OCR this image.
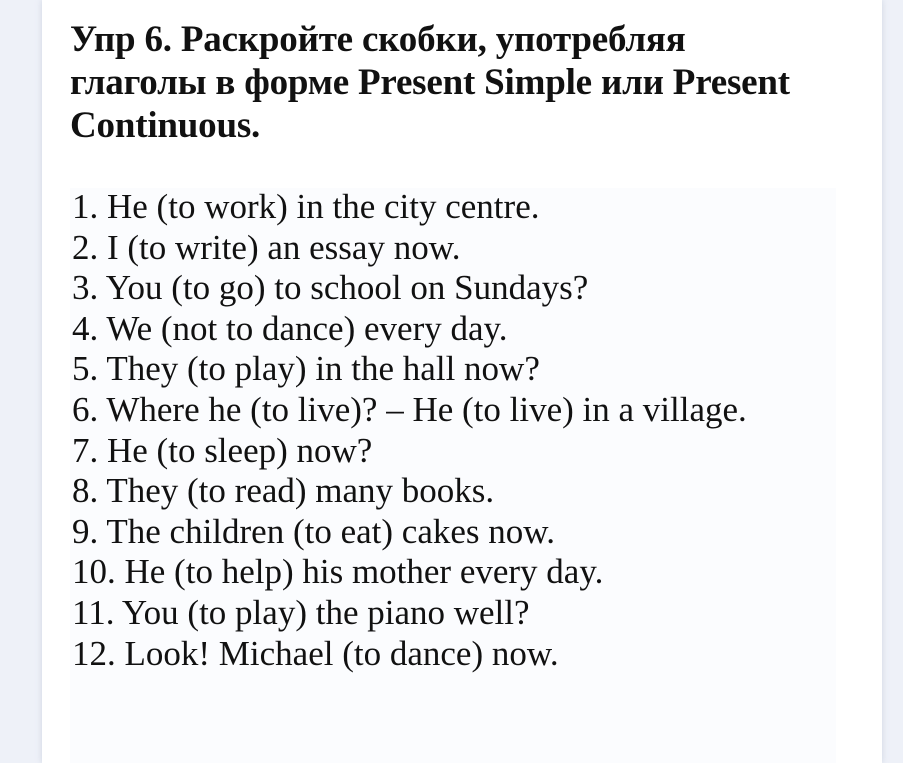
Упр 6. Раскройте скобки, употребляя глаголы в форме Present Simple или Present Continuous.
1. He (to work) in the city centre.
2. I (to write) an essay now.
3. You (to go) to school on Sundays?
4. We (not to dance) every day.
5. They (to play) in the hall now?
6. Where he (to live)? – He (to live) in a village.
7. He (to sleep) now?
8. They (to read) many books.
9. The children (to eat) cakes now.
10. He (to help) his mother every day.
11. You (to play) the piano well?
12. Look! Michael (to dance) now.
